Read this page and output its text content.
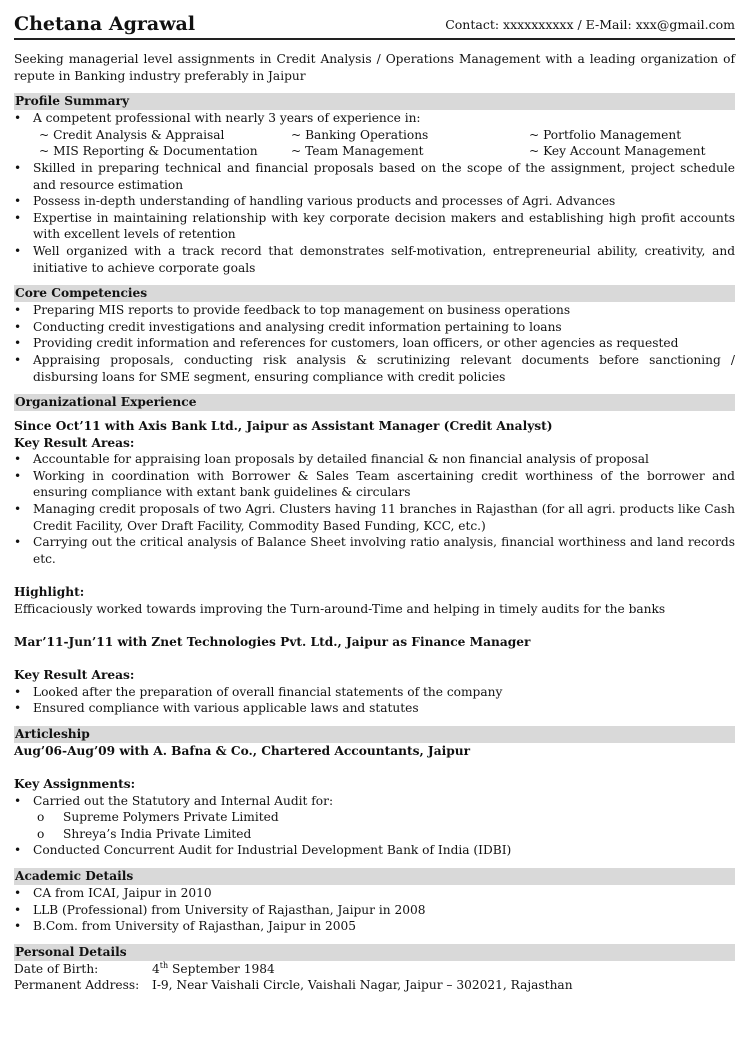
Chetana Agrawal	Contact: xxxxxxxxxx / E-Mail: xxx@gmail.com

Seeking managerial level assignments in Credit Analysis / Operations Management with a leading organization of repute in Banking industry preferably in Jaipur

Profile Summary
• A competent professional with nearly 3 years of experience in:
~ Credit Analysis & Appraisal	~ Banking Operations	~ Portfolio Management
~ MIS Reporting & Documentation	~ Team Management	~ Key Account Management
• Skilled in preparing technical and financial proposals based on the scope of the assignment, project schedule and resource estimation
• Possess in-depth understanding of handling various products and processes of Agri. Advances
• Expertise in maintaining relationship with key corporate decision makers and establishing high profit accounts with excellent levels of retention
• Well organized with a track record that demonstrates self-motivation, entrepreneurial ability, creativity, and initiative to achieve corporate goals
Core Competencies
• Preparing MIS reports to provide feedback to top management on business operations
• Conducting credit investigations and analysing credit information pertaining to loans
• Providing credit information and references for customers, loan officers, or other agencies as requested
• Appraising proposals, conducting risk analysis & scrutinizing relevant documents before sanctioning / disbursing loans for SME segment, ensuring compliance with credit policies
Organizational Experience
Since Oct’11 with Axis Bank Ltd., Jaipur as Assistant Manager (Credit Analyst)
Key Result Areas:
• Accountable for appraising loan proposals by detailed financial & non financial analysis of proposal
• Working in coordination with Borrower & Sales Team ascertaining credit worthiness of the borrower and ensuring compliance with extant bank guidelines & circulars
• Managing credit proposals of two Agri. Clusters having 11 branches in Rajasthan (for all agri. products like Cash Credit Facility, Over Draft Facility, Commodity Based Funding, KCC, etc.)
• Carrying out the critical analysis of Balance Sheet involving ratio analysis, financial worthiness and land records etc.
Highlight:
Efficaciously worked towards improving the Turn-around-Time and helping in timely audits for the banks
Mar’11-Jun’11 with Znet Technologies Pvt. Ltd., Jaipur as Finance Manager
Key Result Areas:
• Looked after the preparation of overall financial statements of the company
• Ensured compliance with various applicable laws and statutes
Articleship
Aug’06-Aug’09 with A. Bafna & Co., Chartered Accountants, Jaipur
Key Assignments:
• Carried out the Statutory and Internal Audit for:
o Supreme Polymers Private Limited
o Shreya’s India Private Limited
• Conducted Concurrent Audit for Industrial Development Bank of India (IDBI)
Academic Details
• CA from ICAI, Jaipur in 2010
• LLB (Professional) from University of Rajasthan, Jaipur in 2008
• B.Com. from University of Rajasthan, Jaipur in 2005
Personal Details
Date of Birth:	4th September 1984
Permanent Address:	I-9, Near Vaishali Circle, Vaishali Nagar, Jaipur – 302021, Rajasthan
